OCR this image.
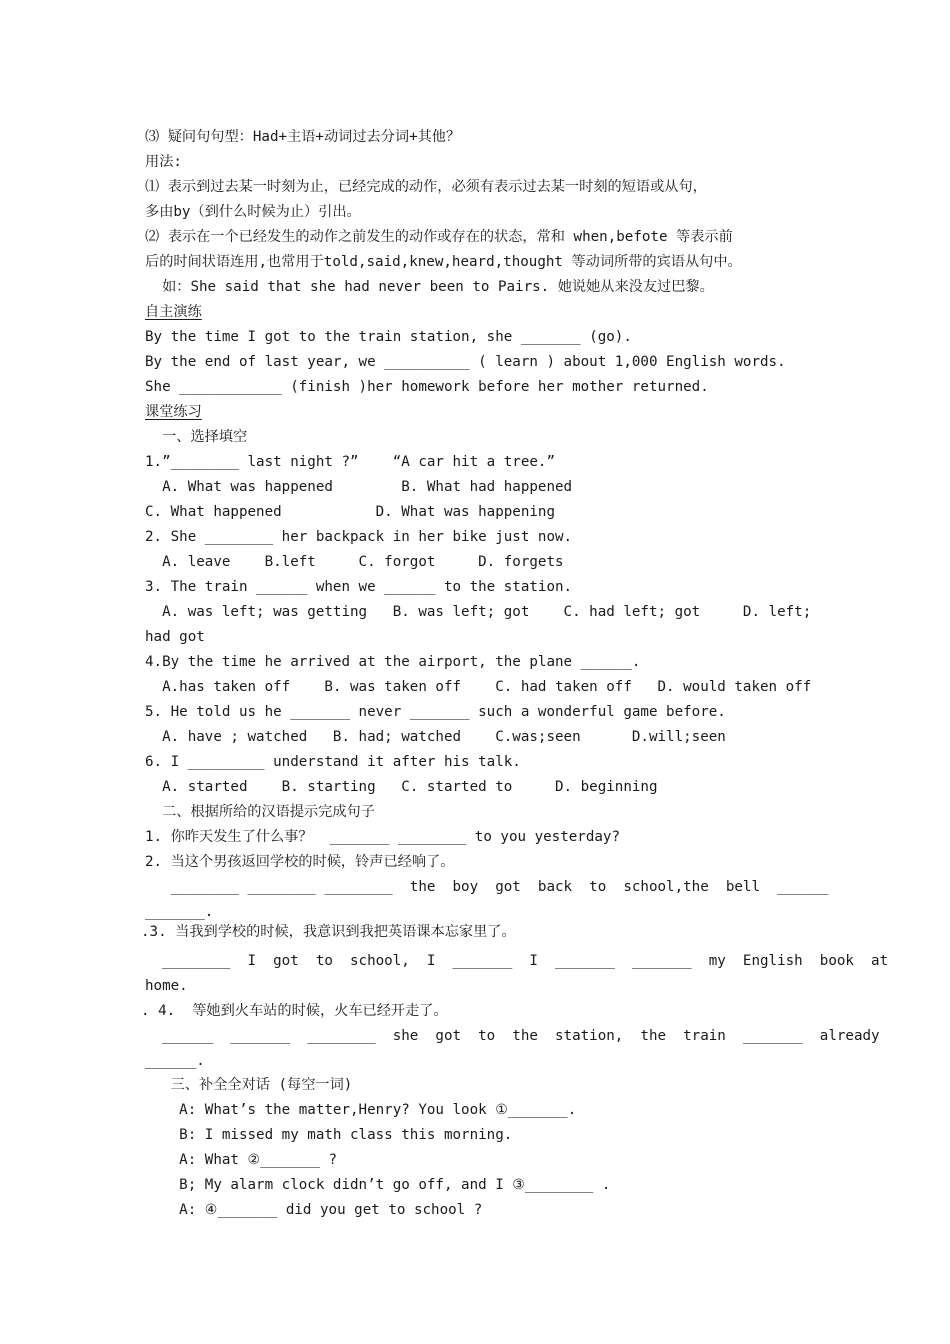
⑶ 疑问句句型：Had+主语+动词过去分词+其他？
用法:
⑴ 表示到过去某一时刻为止，已经完成的动作，必须有表示过去某一时刻的短语或从句，
多由by（到什么时候为止）引出。
⑵ 表示在一个已经发生的动作之前发生的动作或存在的状态，常和 when,befote 等表示前
后的时间状语连用,也常用于told,said,knew,heard,thought 等动词所带的宾语从句中。
如：She said that she had never been to Pairs. 她说她从来没友过巴黎。
自主演练
By the time I got to the train station, she _______ (go).
By the end of last year, we __________ ( learn ) about 1,000 English words.
She ____________ (finish )her homework before her mother returned.
课堂练习
一、选择填空
1.”________ last night ?”    “A car hit a tree.”
A. What was happened        B. What had happened
C. What happened           D. What was happening
2. She ________ her backpack in her bike just now.
A. leave    B.left     C. forgot     D. forgets
3. The train ______ when we ______ to the station.
A. was left; was getting   B. was left; got    C. had left; got     D. left;
had got
4.By the time he arrived at the airport, the plane ______.
A.has taken off    B. was taken off    C. had taken off   D. would taken off
5. He told us he _______ never _______ such a wonderful game before.
A. have ; watched   B. had; watched    C.was;seen      D.will;seen
6. I _________ understand it after his talk.
A. started    B. starting   C. started to     D. beginning
二、根据所给的汉语提示完成句子
1. 你昨天发生了什么事？  _______ ________ to you yesterday?
2. 当这个男孩返回学校的时候，铃声已经响了。
________ ________ ________  the  boy  got  back  to  school,the  bell  ______
_______.
.3. 当我到学校的时候，我意识到我把英语课本忘家里了。
________  I  got  to  school,  I  _______  I  _______  _______  my  English  book  at
home.
. 4.  等她到火车站的时候，火车已经开走了。
______  _______  ________  she  got  to  the  station,  the  train  _______  already
______.
三、补全全对话 (每空一词)
A: What’s the matter,Henry? You look ①_______.
B: I missed my math class this morning.
A: What ②_______ ?
B; My alarm clock didn’t go off, and I ③________ .
A: ④_______ did you get to school ?
